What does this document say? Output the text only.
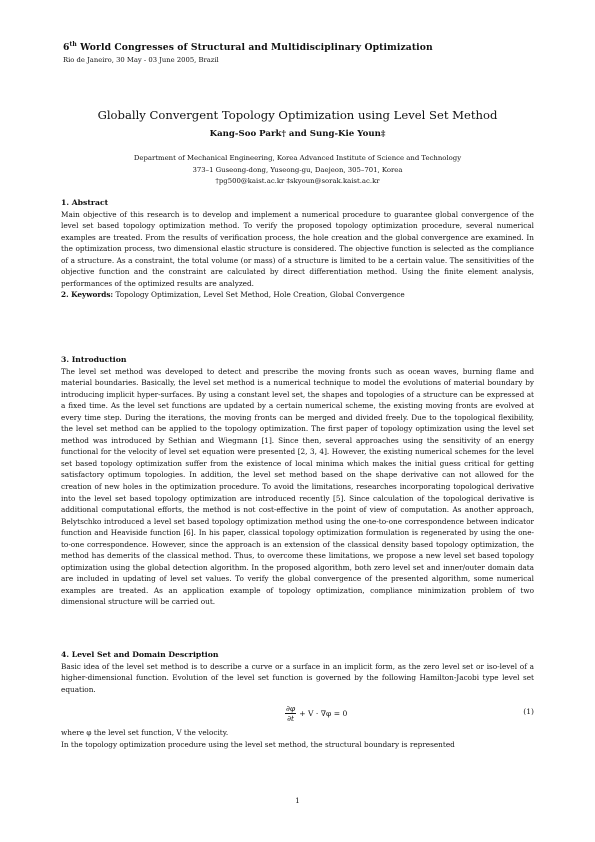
6th World Congresses of Structural and Multidisciplinary Optimization
Rio de Janeiro, 30 May - 03 June 2005, Brazil
Globally Convergent Topology Optimization using Level Set Method
Kang-Soo Park† and Sung-Kie Youn‡
Department of Mechanical Engineering, Korea Advanced Institute of Science and Technology
373–1 Guseong-dong, Yuseong-gu, Daejeon, 305–701, Korea
†pg500@kaist.ac.kr ‡skyoun@sorak.kaist.ac.kr
1. Abstract

Main objective of this research is to develop and implement a numerical procedure to guarantee global convergence of the level set based topology optimization method. To verify the proposed topology optimization procedure, several numerical examples are treated. From the results of verification process, the hole creation and the global convergence are examined. In the optimization process, two dimensional elastic structure is considered. The objective function is selected as the compliance of a structure. As a constraint, the total volume (or mass) of a structure is limited to be a certain value. The sensitivities of the objective function and the constraint are calculated by direct differentiation method. Using the finite element analysis, performances of the optimized results are analyzed.

2. Keywords: Topology Optimization, Level Set Method, Hole Creation, Global Convergence

3. Introduction

The level set method was developed to detect and prescribe the moving fronts such as ocean waves, burning flame and material boundaries. Basically, the level set method is a numerical technique to model the evolutions of material boundary by introducing implicit hyper-surfaces. By using a constant level set, the shapes and topologies of a structure can be expressed at a fixed time. As the level set functions are updated by a certain numerical scheme, the existing moving fronts are evolved at every time step. During the iterations, the moving fronts can be merged and divided freely. Due to the topological flexibility, the level set method can be applied to the topology optimization. The first paper of topology optimization using the level set method was introduced by Sethian and Wiegmann [1]. Since then, several approaches using the sensitivity of an energy functional for the velocity of level set equation were presented [2, 3, 4]. However, the existing numerical schemes for the level set based topology optimization suffer from the existence of local minima which makes the initial guess critical for getting satisfactory optimum topologies. In addition, the level set method based on the shape derivative can not allowed for the creation of new holes in the optimization procedure. To avoid the limitations, researches incorporating topological derivative into the level set based topology optimization are introduced recently [5]. Since calculation of the topological derivative is additional computational efforts, the method is not cost-effective in the point of view of computation. As another approach, Belytschko introduced a level set based topology optimization method using the one-to-one correspondence between indicator function and Heaviside function [6]. In his paper, classical topology optimization formulation is regenerated by using the one-to-one correspondence. However, since the approach is an extension of the classical density based topology optimization, the method has demerits of the classical method. Thus, to overcome these limitations, we propose a new level set based topology optimization using the global detection algorithm. In the proposed algorithm, both zero level set and inner/outer domain data are included in updating of level set values. To verify the global convergence of the presented algorithm, some numerical examples are treated. As an application example of topology optimization, compliance minimization problem of two dimensional structure will be carried out.

4. Level Set and Domain Description

Basic idea of the level set method is to describe a curve or a surface in an implicit form, as the zero level set or iso-level of a higher-dimensional function. Evolution of the level set function is governed by the following Hamilton-Jacobi type level set equation.

$\frac{\partial\varphi}{\partial t} + V \cdot \nabla\varphi = 0$	(1)

where φ the level set function, V the velocity.

In the topology optimization procedure using the level set method, the structural boundary is represented

1
